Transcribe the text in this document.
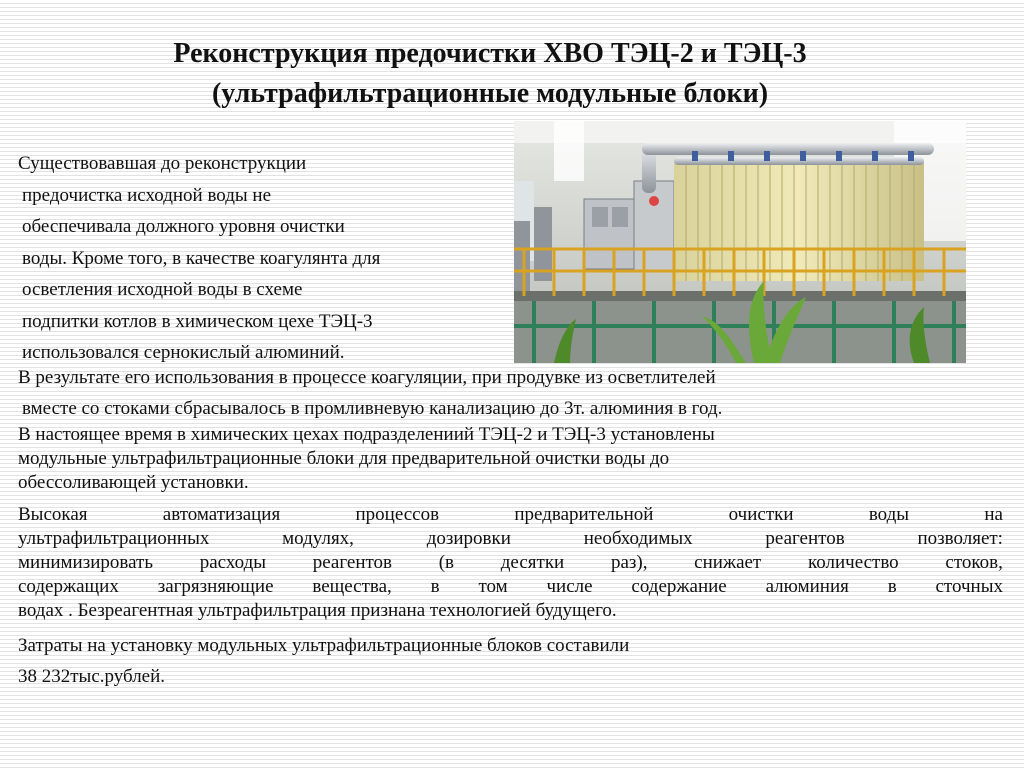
Реконструкция предочистки ХВО ТЭЦ-2 и ТЭЦ-3
(ультрафильтрационные модульные блоки)
Существовавшая до реконструкции
предочистка исходной воды не
обеспечивала должного уровня очистки
воды. Кроме того, в качестве коагулянта для
осветления исходной воды в схеме
подпитки котлов в химическом цехе ТЭЦ-3
использовался сернокислый алюминий.
В результате его использования в процессе коагуляции, при продувке из осветлителей
вместе со стоками сбрасывалось в промливневую канализацию до 3т. алюминия в год.
В настоящее время в химических цехах подразделениий ТЭЦ-2 и ТЭЦ-3 установлены
модульные ультрафильтрационные блоки для предварительной очистки воды до
обессоливающей установки.
Высокая	автоматизация	процессов	предварительной	очистки	воды	на
ультрафильтрационных	модулях,	дозировки	необходимых	реагентов	позволяет:
минимизировать расходы реагентов (в десятки раз), снижает количество стоков,
содержащих загрязняющие вещества, в том числе содержание алюминия в сточных
водах . Безреагентная ультрафильтрация признана технологией будущего.
Затраты на установку модульных ультрафильтрационные блоков составили
38 232тыс.рублей.
